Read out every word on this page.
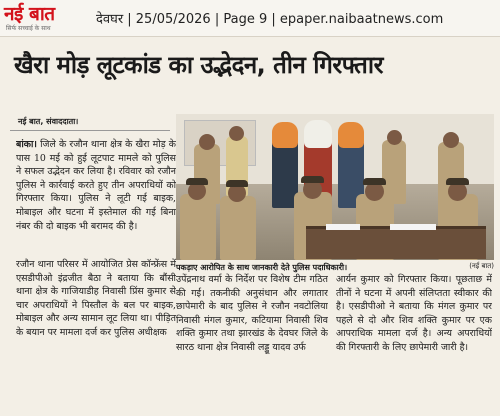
नई बात
सिर्फ सच्चाई के साथ
देवघर | 25/05/2026 | Page 9 | epaper.naibaatnews.com
खैरा मोड़ लूटकांड का उद्भेदन, तीन गिरफ्तार
नई बात, संवाददाता।

बांका। जिले के रजौन थाना क्षेत्र के खैरा मोड़ के पास 10 मई को हुई लूटपाट मामले को पुलिस ने सफल उद्भेदन कर लिया है। रविवार को रजौन पुलिस ने कार्रवाई करते हुए तीन अपराधियों को गिरफ्तार किया। पुलिस ने लूटी गई बाइक, मोबाइल और घटना में इस्तेमाल की गई बिना नंबर की दो बाइक भी बरामद की है।

रजौन थाना परिसर में आयोजित प्रेस कॉन्फ्रेंस में एसडीपीओ इंद्रजीत बैठा ने बताया कि बौंसी थाना क्षेत्र के गाजियाडीह निवासी प्रिंस कुमार से चार अपराधियों ने पिस्तौल के बल पर बाइक, मोबाइल और अन्य सामान लूट लिया था। पीड़ित के बयान पर मामला दर्ज कर पुलिस अधीक्षक

पकड़ाए आरोपित के साथ जानकारी देते पुलिस पदाधिकारी।	(नई बात)

उपेंद्रनाथ वर्मा के निर्देश पर विशेष टीम गठित की गई। तकनीकी अनुसंधान और लगातार छापेमारी के बाद पुलिस ने रजौन नवटोलिया निवासी मंगल कुमार, कटियामा निवासी शिव शक्ति कुमार तथा झारखंड के देवघर जिले के सारठ थाना क्षेत्र निवासी लड्डू यादव उर्फ

आर्यन कुमार को गिरफ्तार किया। पूछताछ में तीनों ने घटना में अपनी संलिप्तता स्वीकार की है। एसडीपीओ ने बताया कि मंगल कुमार पर पहले से दो और शिव शक्ति कुमार पर एक आपराधिक मामला दर्ज है। अन्य अपराधियों की गिरफ्तारी के लिए छापेमारी जारी है।
